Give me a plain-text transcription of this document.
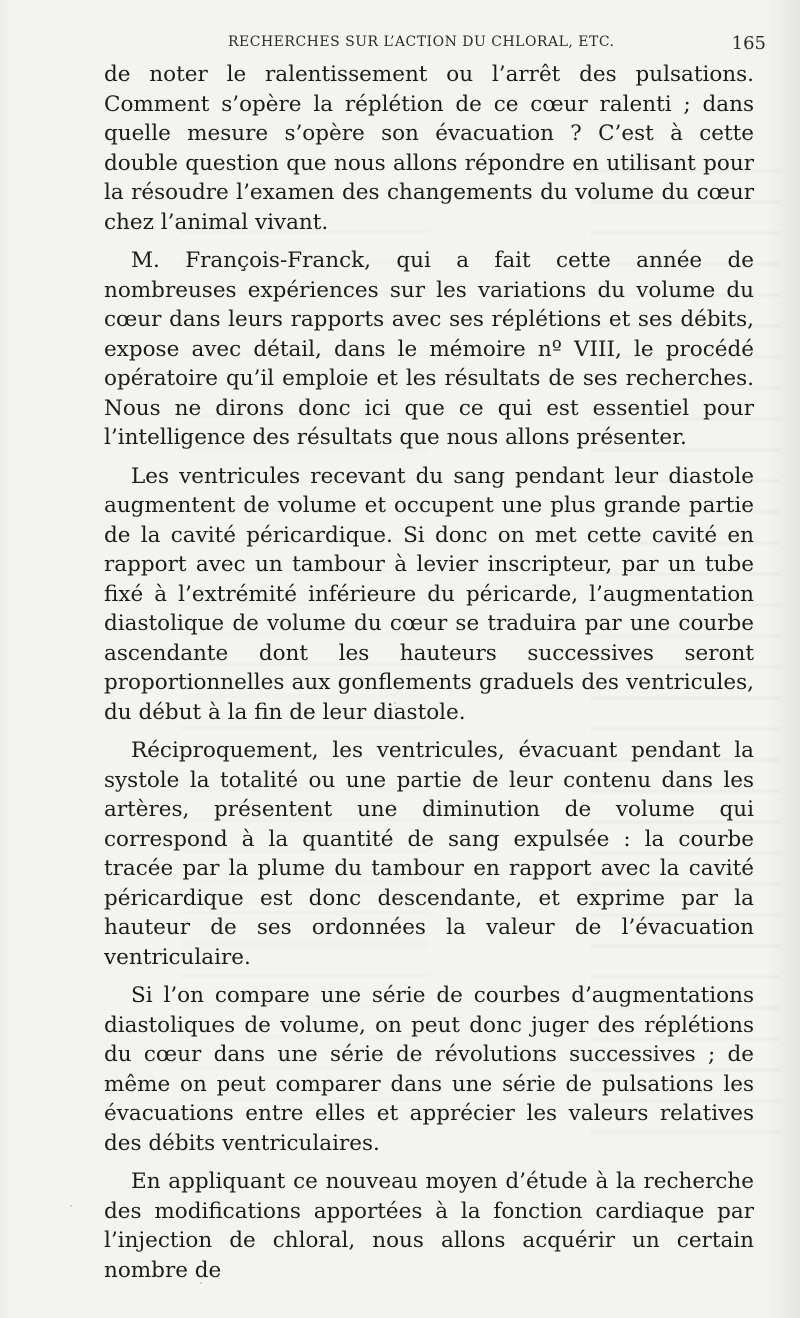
RECHERCHES SUR L’ACTION DU CHLORAL, ETC.	165

de noter le ralentissement ou l’arrêt des pulsations. Comment s’opère la réplétion de ce cœur ralenti ; dans quelle mesure s’opère son évacuation ? C’est à cette double question que nous allons répondre en utilisant pour la résoudre l’examen des changements du volume du cœur chez l’animal vivant.

M. François-Franck, qui a fait cette année de nombreuses expériences sur les variations du volume du cœur dans leurs rapports avec ses réplétions et ses débits, expose avec détail, dans le mémoire nº VIII, le procédé opératoire qu’il emploie et les résultats de ses recherches. Nous ne dirons donc ici que ce qui est essentiel pour l’intelligence des résultats que nous allons présenter.

Les ventricules recevant du sang pendant leur diastole augmentent de volume et occupent une plus grande partie de la cavité péricardique. Si donc on met cette cavité en rapport avec un tambour à levier inscripteur, par un tube fixé à l’extrémité inférieure du péricarde, l’augmentation diastolique de volume du cœur se traduira par une courbe ascendante dont les hauteurs successives seront proportionnelles aux gonflements graduels des ventricules, du début à la fin de leur diastole.

Réciproquement, les ventricules, évacuant pendant la systole la totalité ou une partie de leur contenu dans les artères, présentent une diminution de volume qui correspond à la quantité de sang expulsée : la courbe tracée par la plume du tambour en rapport avec la cavité péricardique est donc descendante, et exprime par la hauteur de ses ordonnées la valeur de l’évacuation ventriculaire.

Si l’on compare une série de courbes d’augmentations diastoliques de volume, on peut donc juger des réplétions du cœur dans une série de révolutions successives ; de même on peut comparer dans une série de pulsations les évacuations entre elles et apprécier les valeurs relatives des débits ventriculaires.

En appliquant ce nouveau moyen d’étude à la recherche des modifications apportées à la fonction cardiaque par l’injection de chloral, nous allons acquérir un certain nombre de
